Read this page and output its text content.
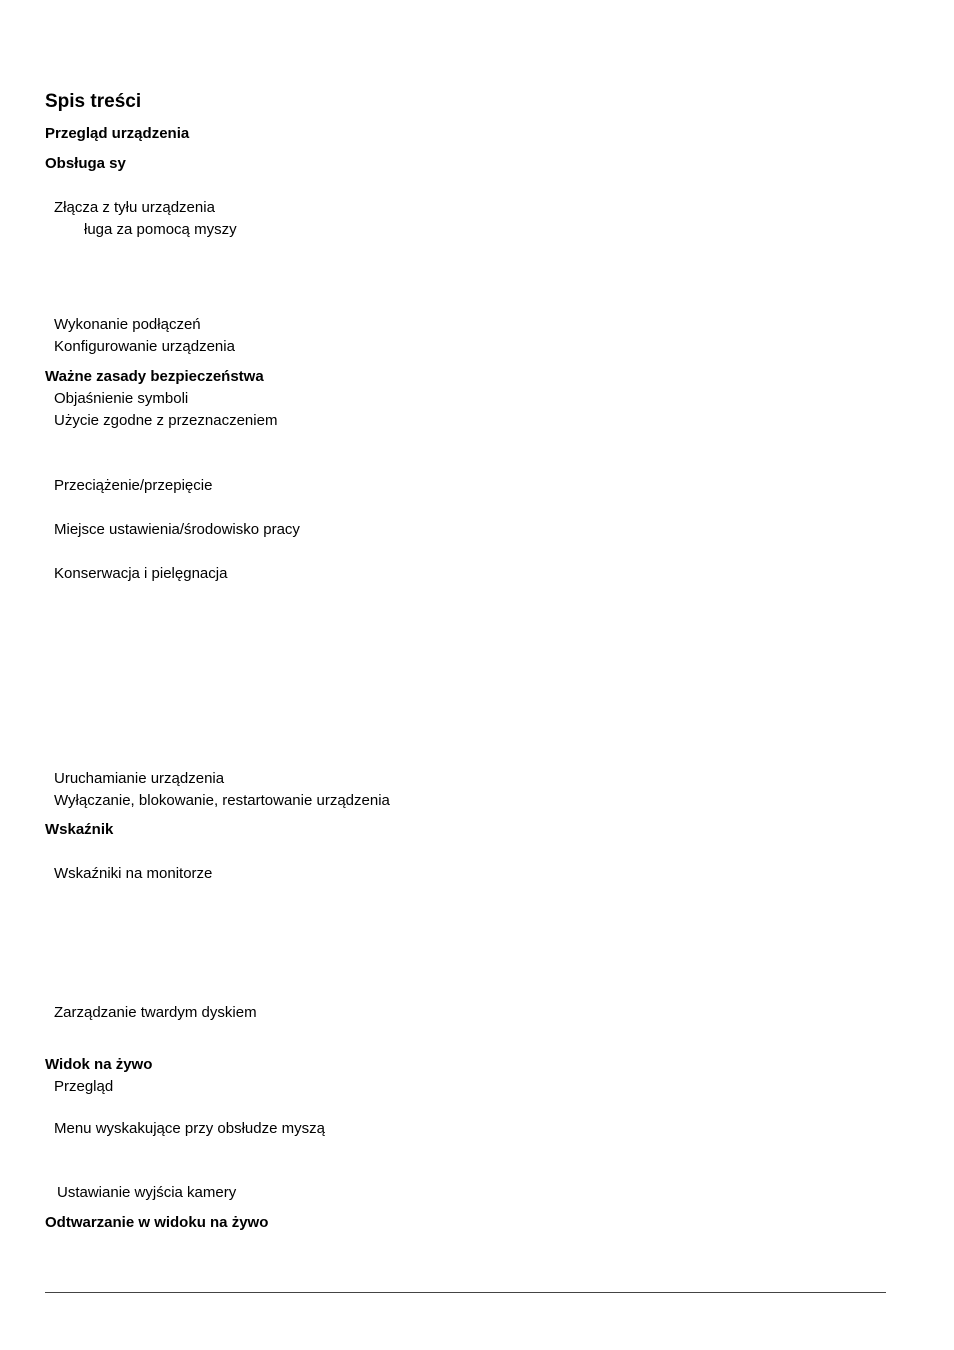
Spis treści
Przegląd urządzenia
Obsługa sy
Złącza z tyłu urządzenia
ługa za pomocą myszy
Wykonanie podłączeń
Konfigurowanie urządzenia
Ważne zasady bezpieczeństwa
Objaśnienie symboli
Użycie zgodne z przeznaczeniem
Przeciążenie/przepięcie
Miejsce ustawienia/środowisko pracy
Konserwacja i pielęgnacja
Uruchamianie urządzenia
Wyłączanie, blokowanie, restartowanie urządzenia
Wskaźnik
Wskaźniki na monitorze
Zarządzanie twardym dyskiem
Widok na żywo
Przegląd
Menu wyskakujące przy obsłudze myszą
Ustawianie wyjścia kamery
Odtwarzanie w widoku na żywo
